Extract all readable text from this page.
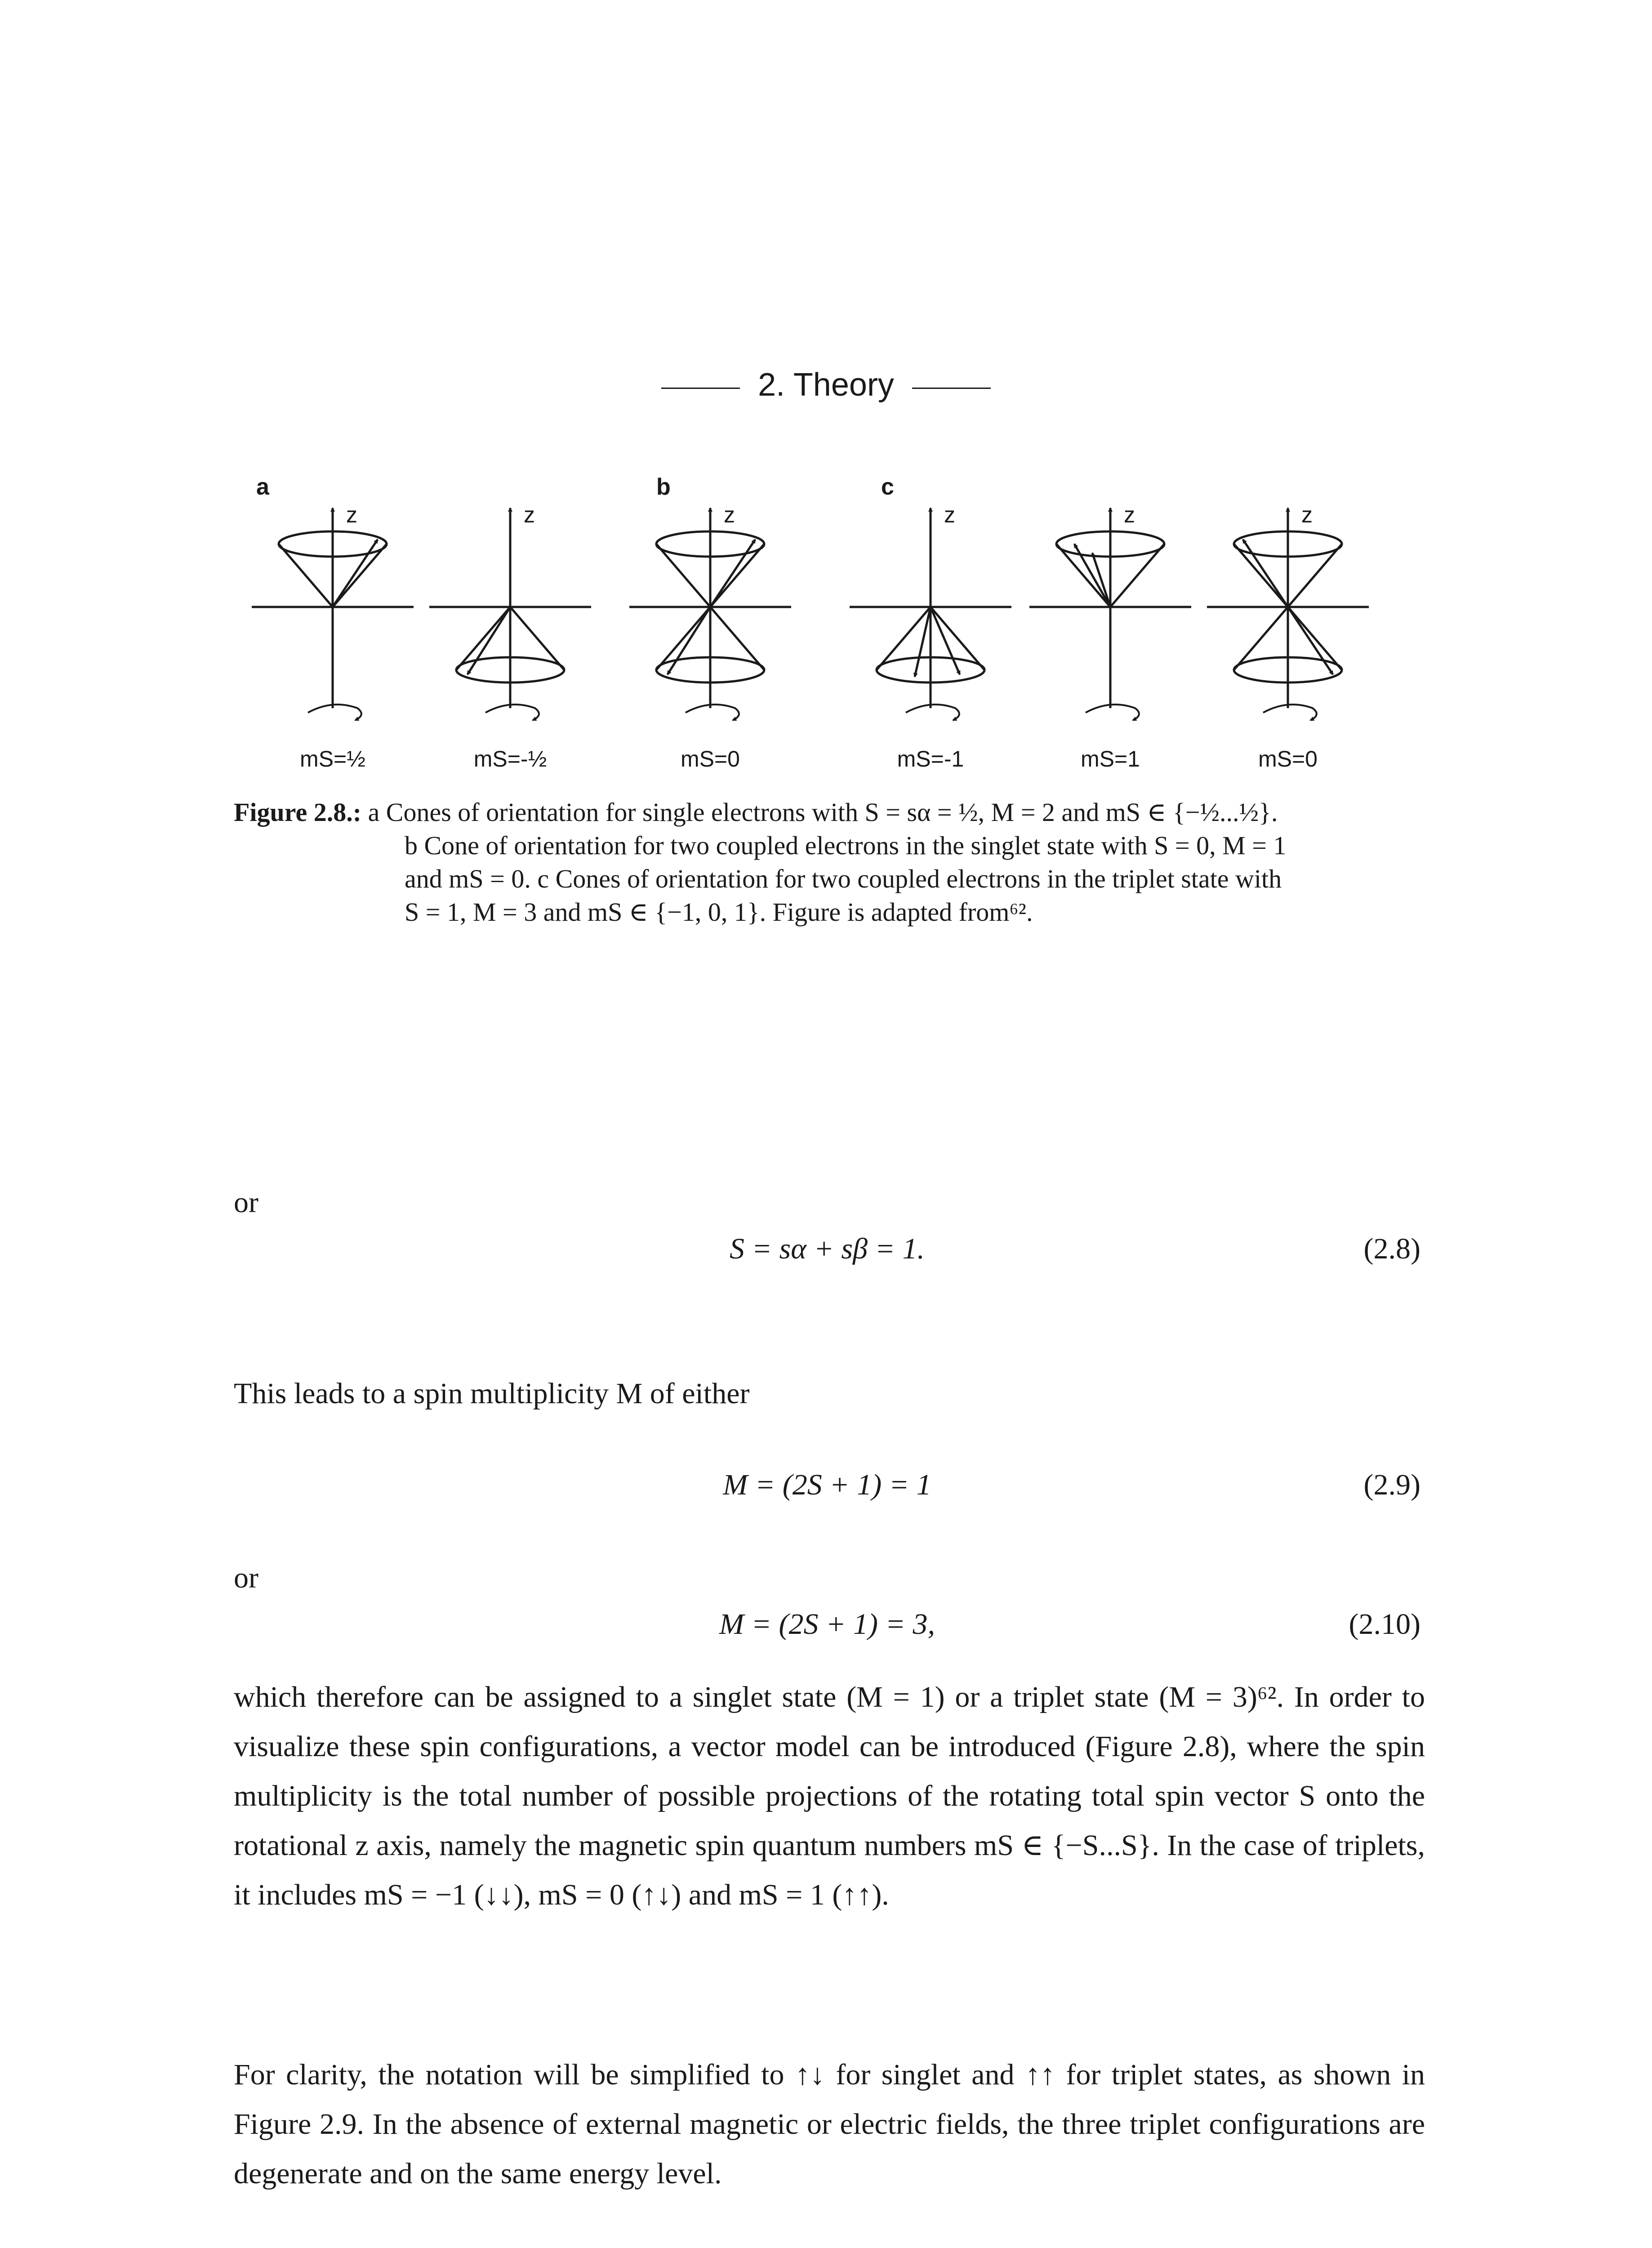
2. Theory
z
mS=½
a
z
mS=-½
z
mS=0
b
z
mS=-1
c
z
mS=1
z
mS=0
Figure 2.8.: a Cones of orientation for single electrons with S = sα = ½, M = 2 and mS ∈ {−½...½}.
b Cone of orientation for two coupled electrons in the singlet state with S = 0, M = 1
and mS = 0. c Cones of orientation for two coupled electrons in the triplet state with
S = 1, M = 3 and mS ∈ {−1, 0, 1}. Figure is adapted from⁶².
or
S = sα + sβ = 1.	(2.8)
This leads to a spin multiplicity M of either
M = (2S + 1) = 1	(2.9)
or
M = (2S + 1) = 3,	(2.10)
which therefore can be assigned to a singlet state (M = 1) or a triplet state (M = 3)⁶². In order to visualize these spin configurations, a vector model can be introduced (Figure 2.8), where the spin multiplicity is the total number of possible projections of the rotating total spin vector S onto the rotational z axis, namely the magnetic spin quantum numbers mS ∈ {−S...S}. In the case of triplets, it includes mS = −1 (↓↓), mS = 0 (↑↓) and mS = 1 (↑↑).
For clarity, the notation will be simplified to ↑↓ for singlet and ↑↑ for triplet states, as shown in Figure 2.9. In the absence of external magnetic or electric fields, the three triplet configurations are degenerate and on the same energy level.
